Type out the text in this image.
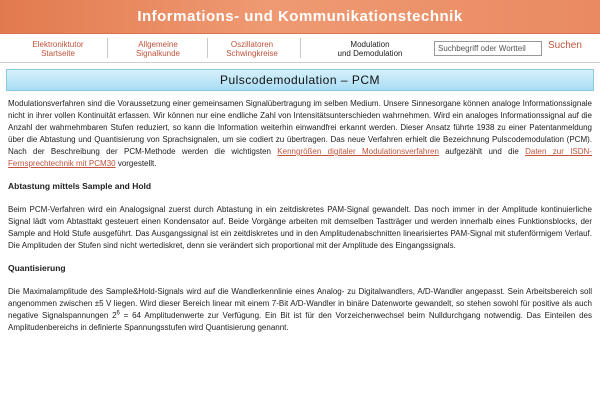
Informations- und Kommunikationstechnik
Elektroniktutor
Startseite
Allgemeine
Signalkunde
Oszillatoren
Schwingkreise
Modulation
und Demodulation
Suchbegriff oder Wortteil
Suchen
Pulscodemodulation – PCM

Modulationsverfahren sind die Voraussetzung einer gemeinsamen Signalübertragung im selben Medium. Unsere Sinnesorgane können analoge Informationssignale nicht in ihrer vollen Kontinuität erfassen. Wir können nur eine endliche Zahl von Intensitätsunterschieden wahrnehmen. Wird ein analoges Informationssignal auf die Anzahl der wahrnehmbaren Stufen reduziert, so kann die Information weiterhin einwandfrei erkannt werden. Dieser Ansatz führte 1938 zu einer Patentanmeldung über die Abtastung und Quantisierung von Sprachsignalen, um sie codiert zu übertragen. Das neue Verfahren erhielt die Bezeichnung Pulscodemodulation (PCM). Nach der Beschreibung der PCM-Methode werden die wichtigsten Kenngrößen digitaler Modulationsverfahren aufgezählt und die Daten zur ISDN-Fernsprechtechnik mit PCM30 vorgestellt.

Abtastung mittels Sample and Hold

Beim PCM-Verfahren wird ein Analogsignal zuerst durch Abtastung in ein zeitdiskretes PAM-Signal gewandelt. Das noch immer in der Amplitude kontinuierliche Signal lädt vom Abtasttakt gesteuert einen Kondensator auf. Beide Vorgänge arbeiten mit demselben Tastträger und werden innerhalb eines Funktionsblocks, der Sample and Hold Stufe ausgeführt. Das Ausgangssignal ist ein zeitdiskretes und in den Amplitudenabschnitten linearisiertes PAM-Signal mit stufenförmigem Verlauf. Die Amplituden der Stufen sind nicht wertediskret, denn sie verändert sich proportional mit der Amplitude des Eingangssignals.

Quantisierung

Die Maximalamplitude des Sample&Hold-Signals wird auf die Wandlerkennlinie eines Analog- zu Digitalwandlers, A/D-Wandler angepasst. Sein Arbeitsbereich soll angenommen zwischen ±5 V liegen. Wird dieser Bereich linear mit einem 7-Bit A/D-Wandler in binäre Datenworte gewandelt, so stehen sowohl für positive als auch negative Signalspannungen $2^6 = 64$ Amplitudenwerte zur Verfügung. Ein Bit ist für den Vorzeichenwechsel beim Nulldurchgang notwendig. Das Einteilen des Amplitudenbereichs in definierte Spannungsstufen wird Quantisierung genannt.
